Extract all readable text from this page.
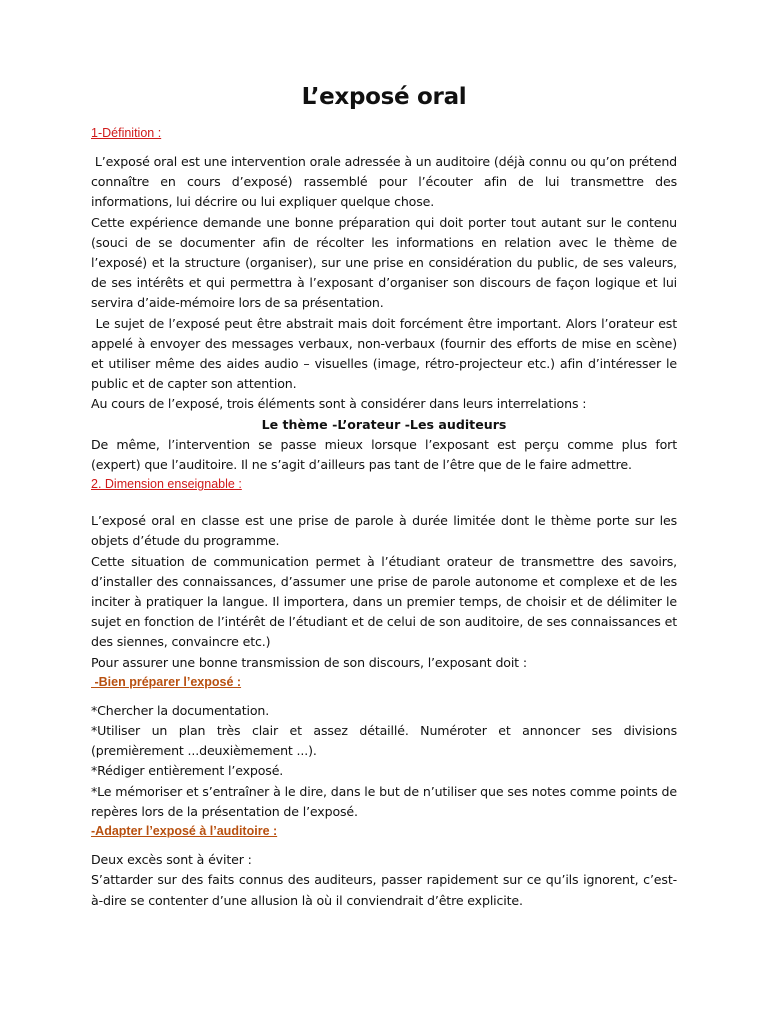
L’exposé oral
1-Définition :

L’exposé oral est une intervention orale adressée à un auditoire (déjà connu ou qu’on prétend connaître en cours d’exposé) rassemblé pour l’écouter afin de lui transmettre des informations, lui décrire ou lui expliquer quelque chose.

Cette expérience demande une bonne préparation qui doit porter tout autant sur le contenu (souci de se documenter afin de récolter les informations en relation avec le thème de l’exposé) et la structure (organiser), sur une prise en considération du public, de ses valeurs, de ses intérêts et qui permettra à l’exposant d’organiser son discours de façon logique et lui servira d’aide-mémoire lors de sa présentation.

Le sujet de l’exposé peut être abstrait mais doit forcément être important. Alors l’orateur est appelé à envoyer des messages verbaux, non-verbaux (fournir des efforts de mise en scène) et utiliser même des aides audio – visuelles (image, rétro-projecteur etc.) afin d’intéresser le public et de capter son attention.

Au cours de l’exposé, trois éléments sont à considérer dans leurs interrelations :

Le thème -L’orateur -Les auditeurs

De même, l’intervention se passe mieux lorsque l’exposant est perçu comme plus fort (expert) que l’auditoire. Il ne s’agit d’ailleurs pas tant de l’être que de le faire admettre.

2. Dimension enseignable :

L’exposé oral en classe est une prise de parole à durée limitée dont le thème porte sur les objets d’étude du programme.

Cette situation de communication permet à l’étudiant orateur de transmettre des savoirs, d’installer des connaissances, d’assumer une prise de parole autonome et complexe et de les inciter à pratiquer la langue. Il importera, dans un premier temps, de choisir et de délimiter le sujet en fonction de l’intérêt de l’étudiant et de celui de son auditoire, de ses connaissances et des siennes, convaincre etc.)

Pour assurer une bonne transmission de son discours, l’exposant doit :

-Bien préparer l’exposé :

*Chercher la documentation.

*Utiliser un plan très clair et assez détaillé. Numéroter et annoncer ses divisions (premièrement ...deuxièmement ...).

*Rédiger entièrement l’exposé.

*Le mémoriser et s’entraîner à le dire, dans le but de n’utiliser que ses notes comme points de repères lors de la présentation de l’exposé.

-Adapter l’exposé à l’auditoire :

Deux excès sont à éviter :

S’attarder sur des faits connus des auditeurs, passer rapidement sur ce qu’ils ignorent, c’est-à-dire se contenter d’une allusion là où il conviendrait d’être explicite.
